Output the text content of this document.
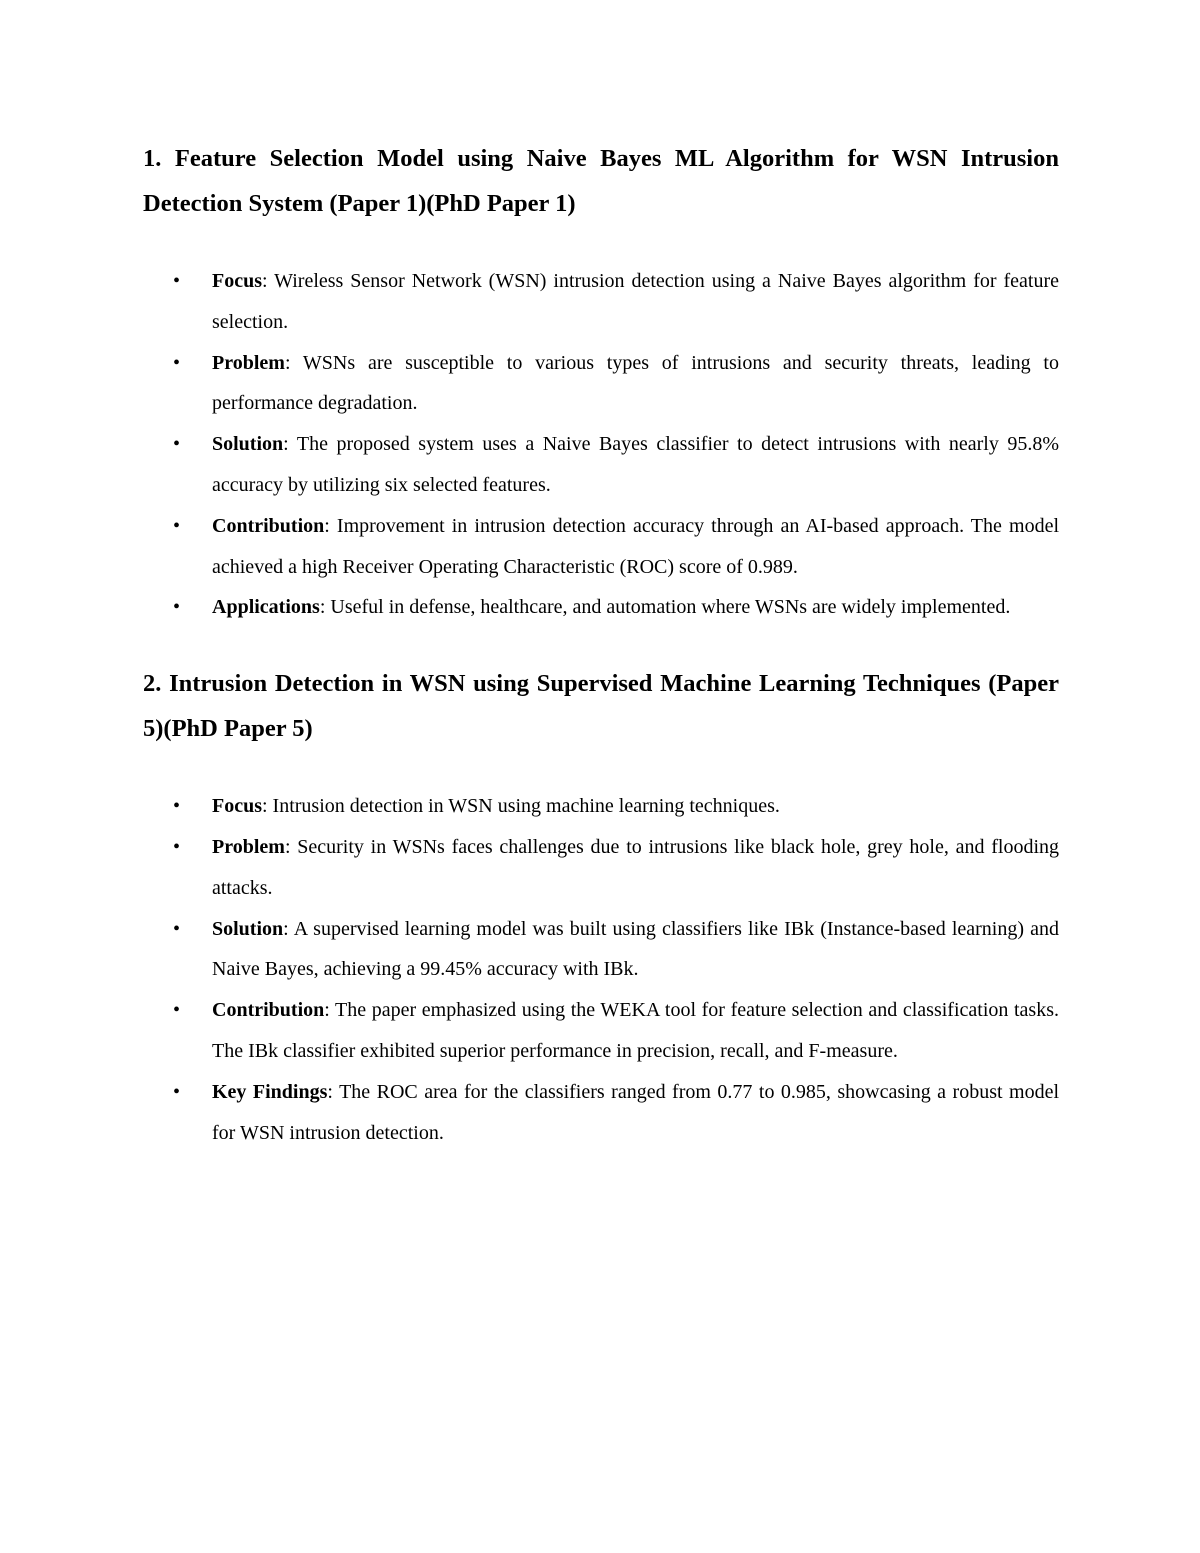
1. Feature Selection Model using Naive Bayes ML Algorithm for WSN Intrusion Detection System (Paper 1)(PhD Paper 1)
• Focus: Wireless Sensor Network (WSN) intrusion detection using a Naive Bayes algorithm for feature selection.
• Problem: WSNs are susceptible to various types of intrusions and security threats, leading to performance degradation.
• Solution: The proposed system uses a Naive Bayes classifier to detect intrusions with nearly 95.8% accuracy by utilizing six selected features.
• Contribution: Improvement in intrusion detection accuracy through an AI-based approach. The model achieved a high Receiver Operating Characteristic (ROC) score of 0.989.
• Applications: Useful in defense, healthcare, and automation where WSNs are widely implemented.
2. Intrusion Detection in WSN using Supervised Machine Learning Techniques (Paper 5)(PhD Paper 5)
• Focus: Intrusion detection in WSN using machine learning techniques.
• Problem: Security in WSNs faces challenges due to intrusions like black hole, grey hole, and flooding attacks.
• Solution: A supervised learning model was built using classifiers like IBk (Instance-based learning) and Naive Bayes, achieving a 99.45% accuracy with IBk.
• Contribution: The paper emphasized using the WEKA tool for feature selection and classification tasks. The IBk classifier exhibited superior performance in precision, recall, and F-measure.
• Key Findings: The ROC area for the classifiers ranged from 0.77 to 0.985, showcasing a robust model for WSN intrusion detection.
